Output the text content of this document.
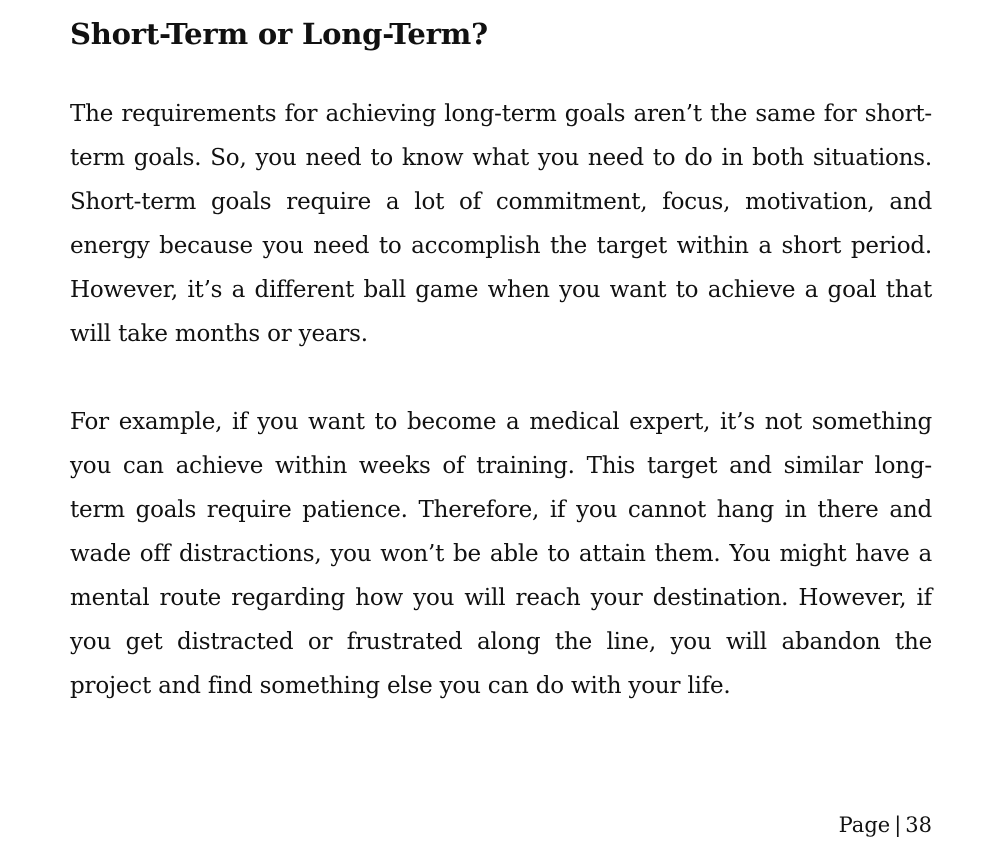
Short-Term or Long-Term?

The requirements for achieving long-term goals aren’t the same for short-term goals. So, you need to know what you need to do in both situations. Short-term goals require a lot of commitment, focus, motivation, and energy because you need to accomplish the target within a short period. However, it’s a different ball game when you want to achieve a goal that will take months or years.

For example, if you want to become a medical expert, it’s not something you can achieve within weeks of training. This target and similar long-term goals require patience. Therefore, if you cannot hang in there and wade off distractions, you won’t be able to attain them. You might have a mental route regarding how you will reach your destination. However, if you get distracted or frustrated along the line, you will abandon the project and find something else you can do with your life.

Page | 38
